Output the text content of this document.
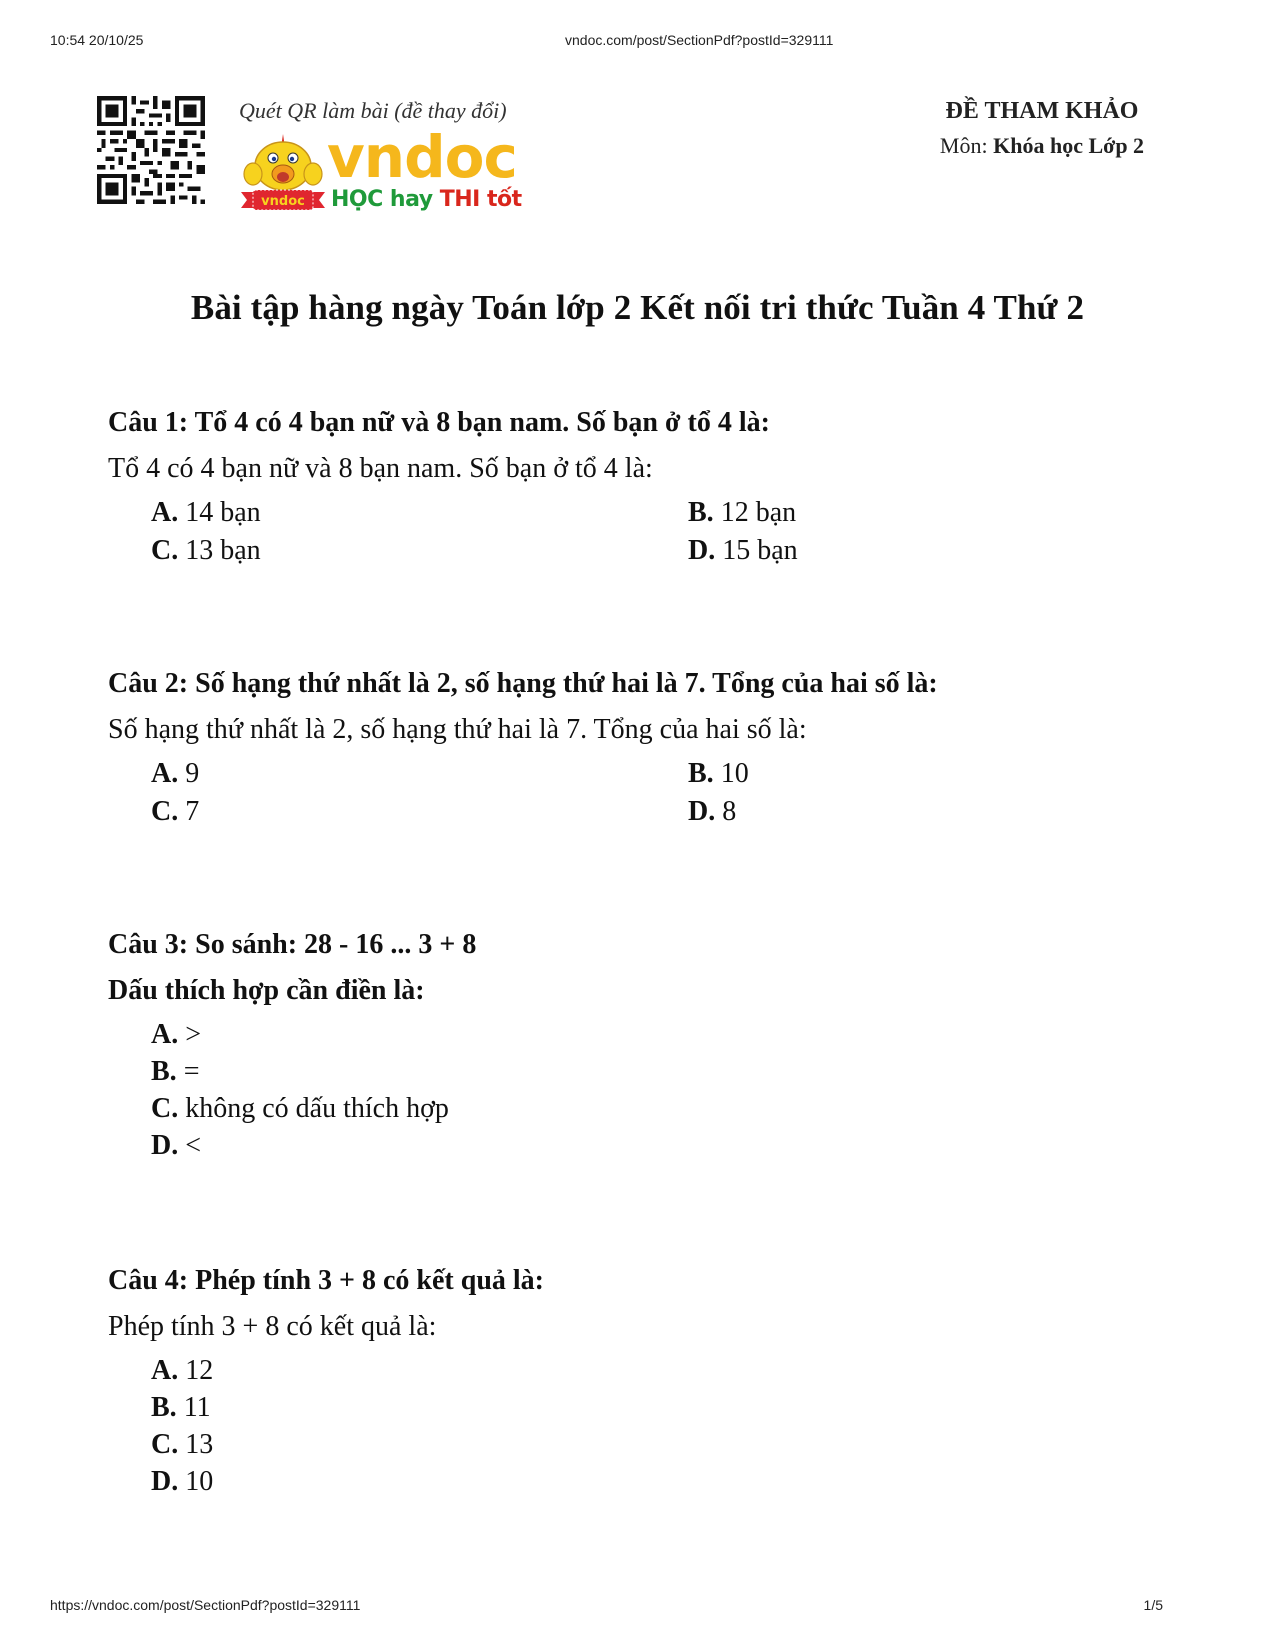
10:54 20/10/25	vndoc.com/post/SectionPdf?postId=329111
Quét QR làm bài (đề thay đổi)
vndoc
vndoc
HỌC hay THI tốt
ĐỀ THAM KHẢO
Môn: Khóa học Lớp 2
Bài tập hàng ngày Toán lớp 2 Kết nối tri thức Tuần 4 Thứ 2
Câu 1: Tổ 4 có 4 bạn nữ và 8 bạn nam. Số bạn ở tổ 4 là:
Tổ 4 có 4 bạn nữ và 8 bạn nam. Số bạn ở tổ 4 là:
A. 14 bạn	B. 12 bạn
C. 13 bạn	D. 15 bạn
Câu 2: Số hạng thứ nhất là 2, số hạng thứ hai là 7. Tổng của hai số là:
Số hạng thứ nhất là 2, số hạng thứ hai là 7. Tổng của hai số là:
A. 9	B. 10
C. 7	D. 8
Câu 3: So sánh: 28 - 16 ... 3 + 8
Dấu thích hợp cần điền là:
A. >
B. =
C. không có dấu thích hợp
D. <
Câu 4: Phép tính 3 + 8 có kết quả là:
Phép tính 3 + 8 có kết quả là:
A. 12
B. 11
C. 13
D. 10
https://vndoc.com/post/SectionPdf?postId=329111	1/5
